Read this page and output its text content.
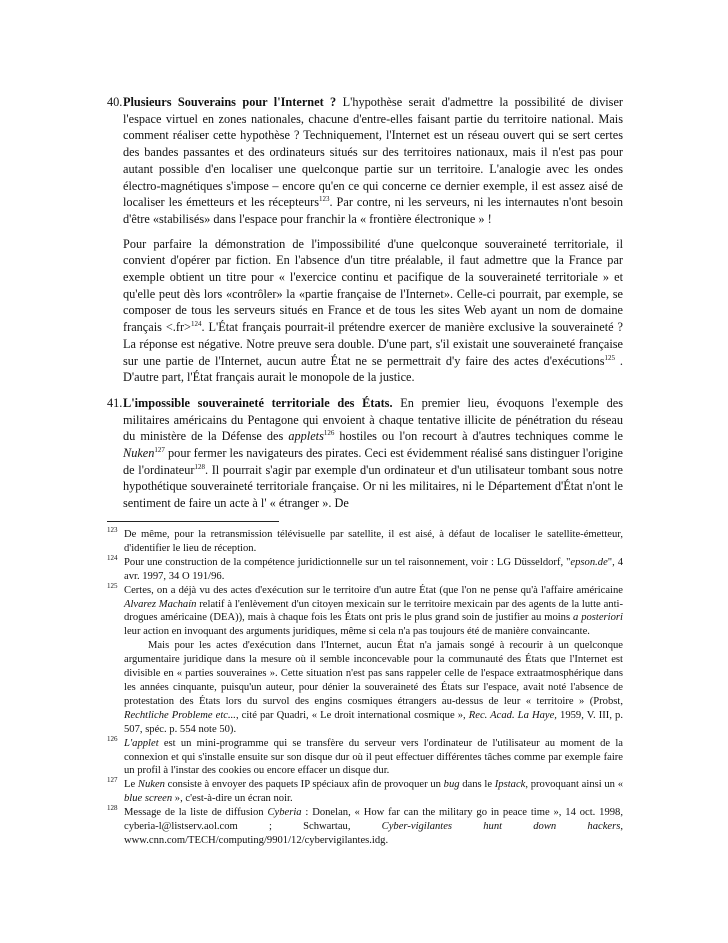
40. Plusieurs Souverains pour l'Internet ? L'hypothèse serait d'admettre la possibilité de diviser l'espace virtuel en zones nationales, chacune d'entre-elles faisant partie du territoire national. Mais comment réaliser cette hypothèse ? Techniquement, l'Internet est un réseau ouvert qui se sert certes des bandes passantes et des ordinateurs situés sur des territoires nationaux, mais il n'est pas pour autant possible d'en localiser une quelconque partie sur un territoire. L'analogie avec les ondes électro-magnétiques s'impose – encore qu'en ce qui concerne ce dernier exemple, il est assez aisé de localiser les émetteurs et les récepteurs$^{123}$. Par contre, ni les serveurs, ni les internautes n'ont besoin d'être «stabilisés» dans l'espace pour franchir la « frontière électronique » !
Pour parfaire la démonstration de l'impossibilité d'une quelconque souveraineté territoriale, il convient d'opérer par fiction. En l'absence d'un titre préalable, il faut admettre que la France par exemple obtient un titre pour « l'exercice continu et pacifique de la souveraineté territoriale » et qu'elle peut dès lors «contrôler» la «partie française de l'Internet». Celle-ci pourrait, par exemple, se composer de tous les serveurs situés en France et de tous les sites Web ayant un nom de domaine français <.fr>$^{124}$. L'État français pourrait-il prétendre exercer de manière exclusive la souveraineté ? La réponse est négative. Notre preuve sera double. D'une part, s'il existait une souveraineté française sur une partie de l'Internet, aucun autre État ne se permettrait d'y faire des actes d'exécutions$^{125}$ . D'autre part, l'État français aurait le monopole de la justice.
41. L'impossible souveraineté territoriale des États. En premier lieu, évoquons l'exemple des militaires américains du Pentagone qui envoient à chaque tentative illicite de pénétration du réseau du ministère de la Défense des applets$^{126}$ hostiles ou l'on recourt à d'autres techniques comme le Nuken$^{127}$ pour fermer les navigateurs des pirates. Ceci est évidemment réalisé sans distinguer l'origine de l'ordinateur$^{128}$. Il pourrait s'agir par exemple d'un ordinateur et d'un utilisateur tombant sous notre hypothétique souveraineté territoriale française. Or ni les militaires, ni le Département d'État n'ont le sentiment de faire un acte à l' « étranger ». De
123 De même, pour la retransmission télévisuelle par satellite, il est aisé, à défaut de localiser le satellite-émetteur, d'identifier le lieu de réception.
124 Pour une construction de la compétence juridictionnelle sur un tel raisonnement, voir : LG Düsseldorf, "epson.de", 4 avr. 1997, 34 O 191/96.
125 Certes, on a déjà vu des actes d'exécution sur le territoire d'un autre État (que l'on ne pense qu'à l'affaire américaine Alvarez Machaín relatif à l'enlèvement d'un citoyen mexicain sur le territoire mexicain par des agents de la lutte anti-drogues américaine (DEA)), mais à chaque fois les États ont pris le plus grand soin de justifier au moins a posteriori leur action en invoquant des arguments juridiques, même si cela n'a pas toujours été de manière convaincante.
Mais pour les actes d'exécution dans l'Internet, aucun État n'a jamais songé à recourir à un quelconque argumentaire juridique dans la mesure où il semble inconcevable pour la communauté des États que l'Internet est divisible en « parties souveraines ». Cette situation n'est pas sans rappeler celle de l'espace extraatmosphérique dans les années cinquante, puisqu'un auteur, pour dénier la souveraineté des États sur l'espace, avait noté l'absence de protestation des États lors du survol des engins cosmiques étrangers au-dessus de leur « territoire » (Probst, Rechtliche Probleme etc..., cité par Quadri, « Le droit international cosmique », Rec. Acad. La Haye, 1959, V. III, p. 507, spéc. p. 554 note 50).
126 L'applet est un mini-programme qui se transfère du serveur vers l'ordinateur de l'utilisateur au moment de la connexion et qui s'installe ensuite sur son disque dur où il peut effectuer différentes tâches comme par exemple faire un profil à l'instar des cookies ou encore effacer un disque dur.
127 Le Nuken consiste à envoyer des paquets IP spéciaux afin de provoquer un bug dans le Ipstack, provoquant ainsi un « blue screen », c'est-à-dire un écran noir.
128 Message de la liste de diffusion Cyberia : Donelan, « How far can the military go in peace time », 14 oct. 1998, cyberia-l@listserv.aol.com ; Schwartau, Cyber-vigilantes hunt down hackers, www.cnn.com/TECH/computing/9901/12/cybervigilantes.idg.
